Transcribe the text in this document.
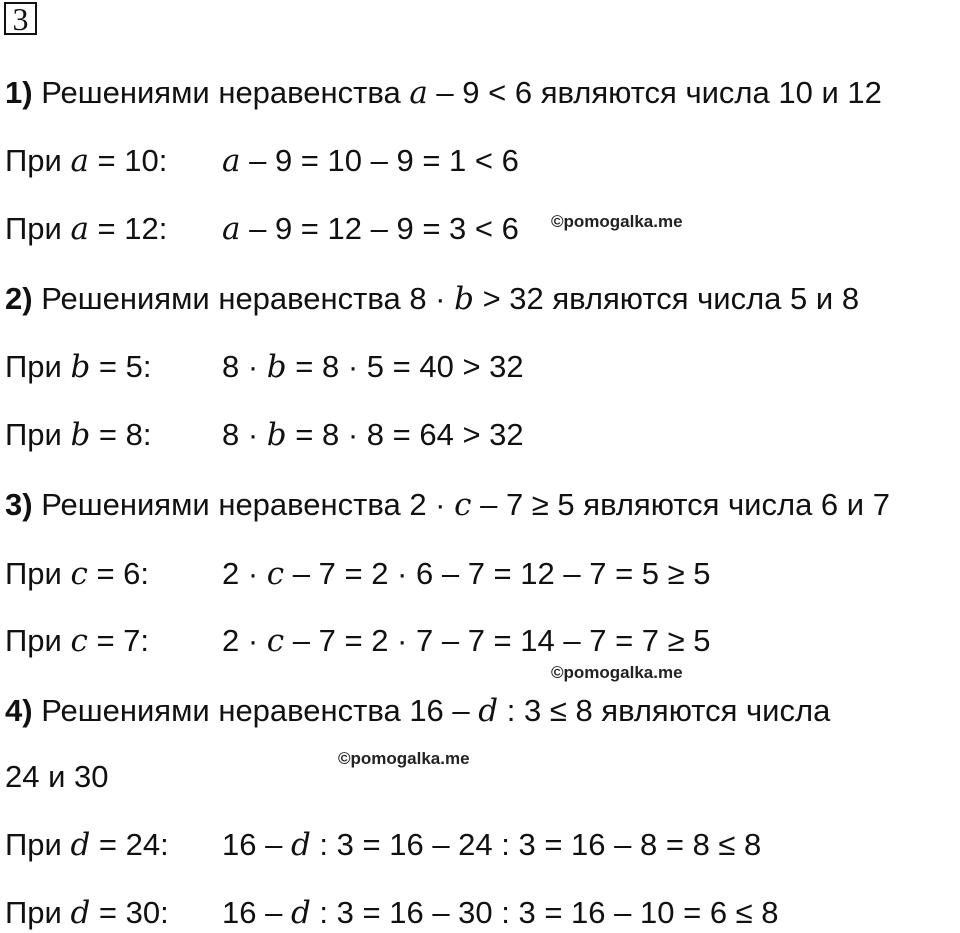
3
1) Решениями неравенства a – 9 < 6 являются числа 10 и 12
При a = 10: a – 9 = 10 – 9 = 1 < 6
При a = 12: a – 9 = 12 – 9 = 3 < 6 ©pomogalka.me
2) Решениями неравенства 8 · b > 32 являются числа 5 и 8
При b = 5: 8 · b = 8 · 5 = 40 > 32
При b = 8: 8 · b = 8 · 8 = 64 > 32
3) Решениями неравенства 2 · c – 7 ≥ 5 являются числа 6 и 7
При c = 6: 2 · c – 7 = 2 · 6 – 7 = 12 – 7 = 5 ≥ 5
При c = 7: 2 · c – 7 = 2 · 7 – 7 = 14 – 7 = 7 ≥ 5
©pomogalka.me
4) Решениями неравенства 16 – d : 3 ≤ 8 являются числа
24 и 30
©pomogalka.me
При d = 24: 16 – d : 3 = 16 – 24 : 3 = 16 – 8 = 8 ≤ 8
При d = 30: 16 – d : 3 = 16 – 30 : 3 = 16 – 10 = 6 ≤ 8
